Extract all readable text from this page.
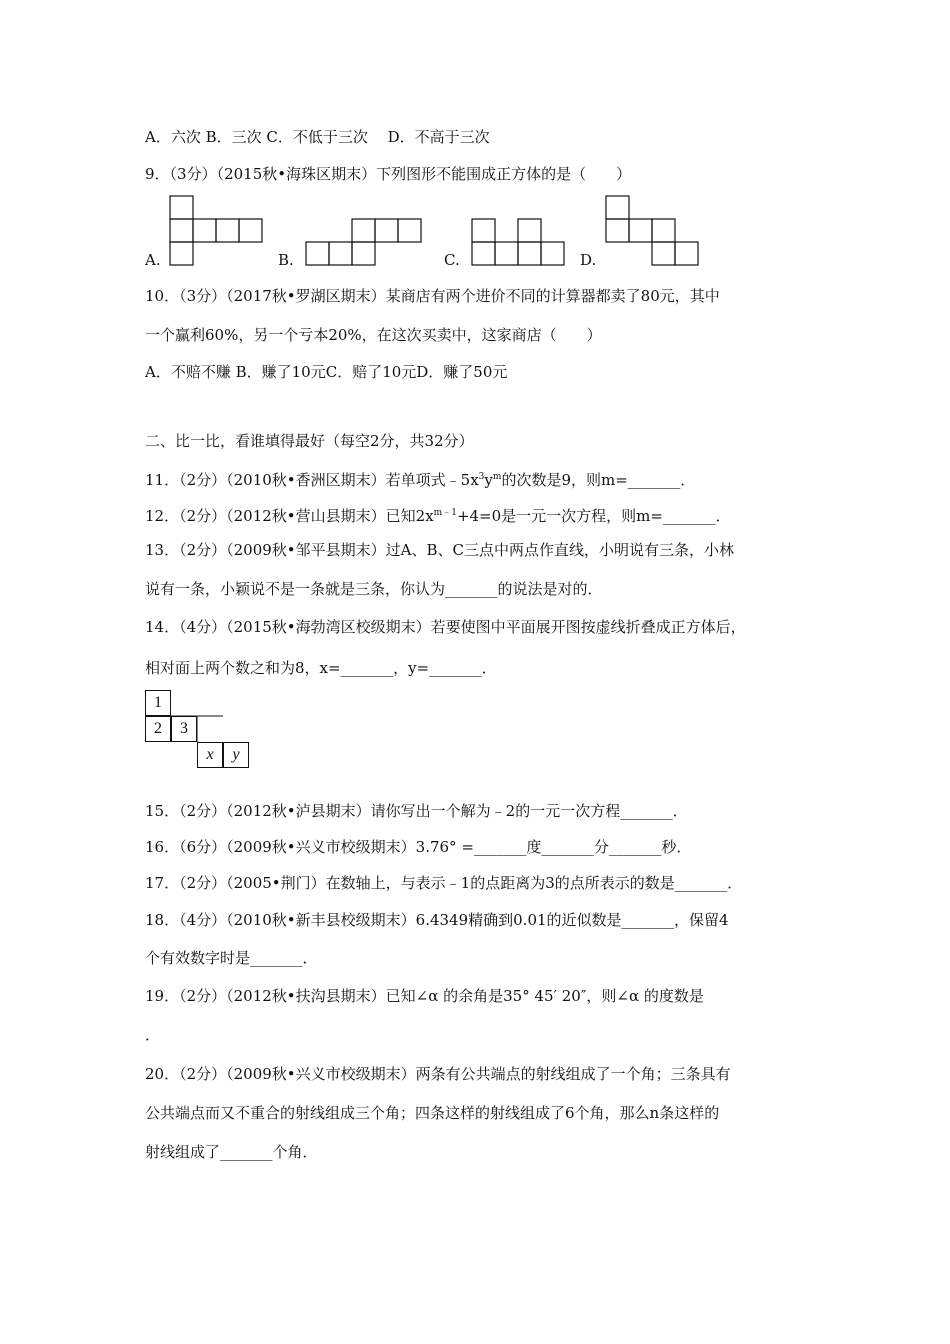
A．六次 B．三次 C．不低于三次　 D．不高于三次
9．（3分）（2015秋•海珠区期末）下列图形不能围成正方体的是（　　）
A.	B.	C.	D.
10．（3分）（2017秋•罗湖区期末）某商店有两个进价不同的计算器都卖了80元，其中
一个赢利60%，另一个亏本20%，在这次买卖中，这家商店（　　）
A．不赔不赚 B．赚了10元C．赔了10元D．赚了50元
二、比一比，看谁填得最好（每空2分，共32分）
11．（2分）（2010秋•香洲区期末）若单项式$﹣5x^3y^m$的次数是9，则m=_______．
12．（2分）（2012秋•营山县期末）已知$2x^{m﹣1}+4=0$是一元一次方程，则m=_______．
13．（2分）（2009秋•邹平县期末）过A、B、C三点中两点作直线，小明说有三条，小林
说有一条，小颖说不是一条就是三条，你认为_______的说法是对的．
14．（4分）（2015秋•海勃湾区校级期末）若要使图中平面展开图按虚线折叠成正方体后，
相对面上两个数之和为8，x=_______，y=_______．
1
2	3
x	y
15．（2分）（2012秋•泸县期末）请你写出一个解为﹣2的一元一次方程_______．
16．（6分）（2009秋•兴义市校级期末）3.76° =_______度_______分_______秒．
17．（2分）（2005•荆门）在数轴上，与表示﹣1的点距离为3的点所表示的数是_______．
18．（4分）（2010秋•新丰县校级期末）6.4349精确到0.01的近似数是_______，保留4
个有效数字时是_______．
19．（2分）（2012秋•扶沟县期末）已知∠α 的余角是35° 45′ 20″，则∠α 的度数是
．
20．（2分）（2009秋•兴义市校级期末）两条有公共端点的射线组成了一个角；三条具有
公共端点而又不重合的射线组成三个角；四条这样的射线组成了6个角，那么n条这样的
射线组成了_______个角．
